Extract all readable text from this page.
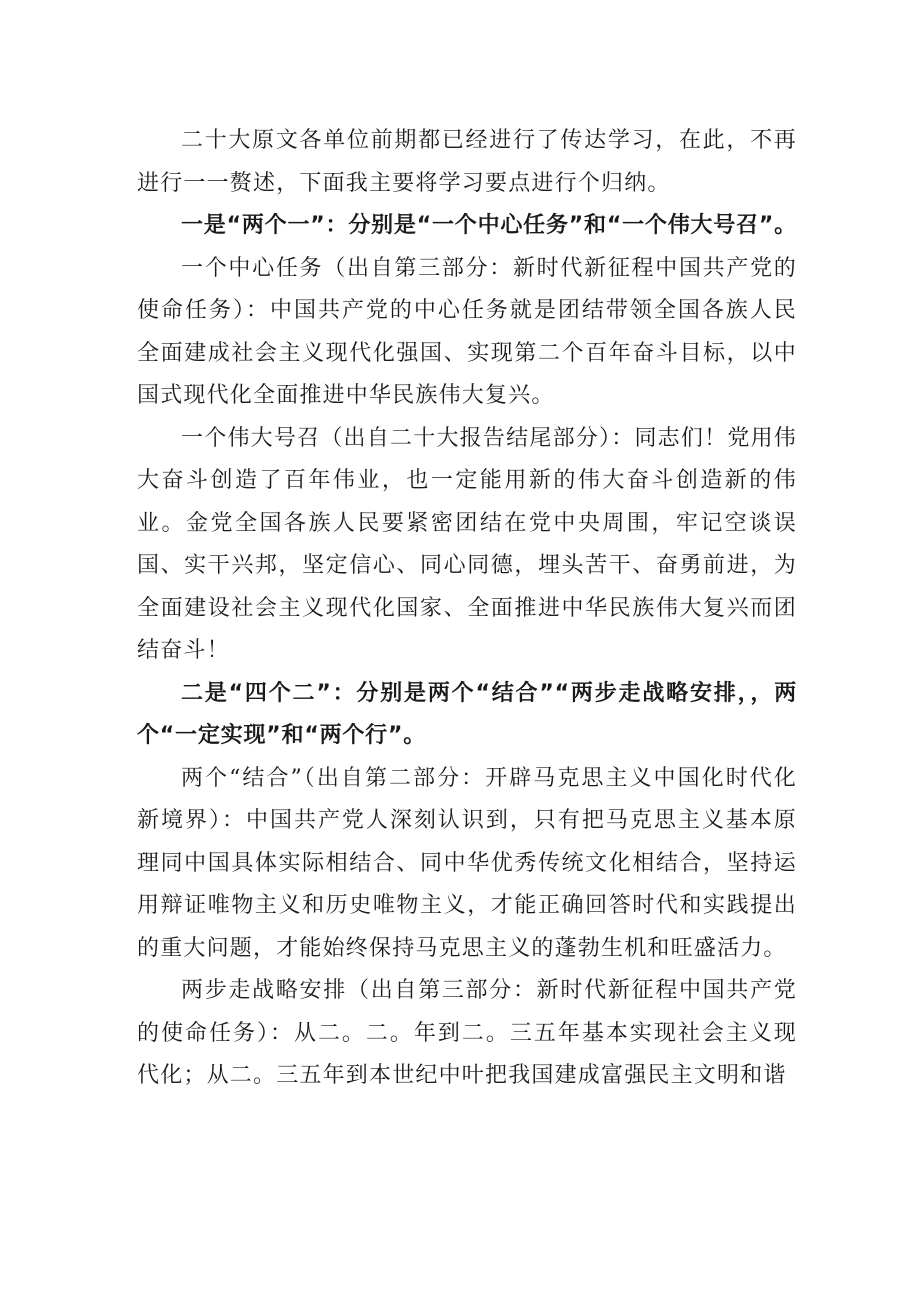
二十大原文各单位前期都已经进行了传达学习，在此，不再进行一一赘述，下面我主要将学习要点进行个归纳。

一是“两个一”：分别是“一个中心任务”和“一个伟大号召”。

一个中心任务（出自第三部分：新时代新征程中国共产党的使命任务）：中国共产党的中心任务就是团结带领全国各族人民全面建成社会主义现代化强国、实现第二个百年奋斗目标，以中国式现代化全面推进中华民族伟大复兴。

一个伟大号召（出自二十大报告结尾部分）：同志们！党用伟大奋斗创造了百年伟业，也一定能用新的伟大奋斗创造新的伟业。金党全国各族人民要紧密团结在党中央周围，牢记空谈误国、实干兴邦，坚定信心、同心同德，埋头苦干、奋勇前进，为全面建设社会主义现代化国家、全面推进中华民族伟大复兴而团结奋斗！

二是“四个二”：分别是两个“结合”“两步走战略安排，，两个“一定实现”和“两个行”。

两个“结合”（出自第二部分：开辟马克思主义中国化时代化新境界）：中国共产党人深刻认识到，只有把马克思主义基本原理同中国具体实际相结合、同中华优秀传统文化相结合，坚持运用辩证唯物主义和历史唯物主义，才能正确回答时代和实践提出的重大问题，才能始终保持马克思主义的蓬勃生机和旺盛活力。

两步走战略安排（出自第三部分：新时代新征程中国共产党的使命任务）：从二。二。年到二。三五年基本实现社会主义现代化；从二。三五年到本世纪中叶把我国建成富强民主文明和谐
